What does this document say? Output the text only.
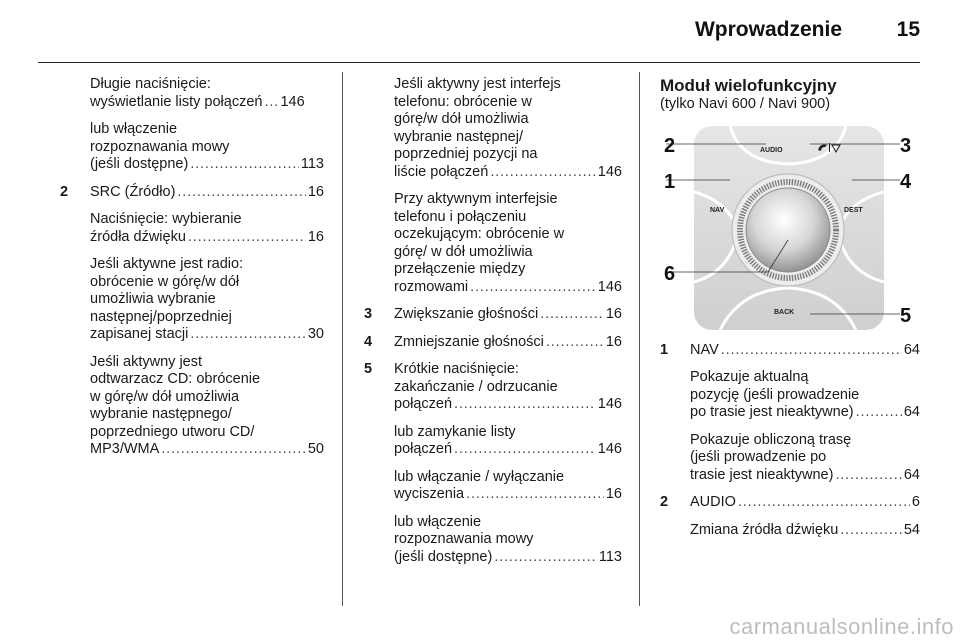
Wprowadzenie	15
Długie naciśnięcie:
wyświetlanie listy połączeń . . . 146
lub włączenie
rozpoznawania mowy
(jeśli dostępne) . . .	113
2 SRC (Źródło) . . .	16
Naciśnięcie: wybieranie
źródła dźwięku . . .	16
Jeśli aktywne jest radio:
obrócenie w górę/w dół
umożliwia wybranie
następnej/poprzedniej
zapisanej stacji . . .	30
Jeśli aktywny jest
odtwarzacz CD: obrócenie
w górę/w dół umożliwia
wybranie następnego/
poprzedniego utworu CD/
MP3/WMA . . .	50
Jeśli aktywny jest interfejs
telefonu: obrócenie w
górę/w dół umożliwia
wybranie następnej/
poprzedniej pozycji na
liście połączeń . . .	146
Przy aktywnym interfejsie
telefonu i połączeniu
oczekującym: obrócenie w
górę/ w dół umożliwia
przełączenie między
rozmowami . . .	146
3 Zwiększanie głośności . . .	16
4 Zmniejszanie głośności . . .	16
5 Krótkie naciśnięcie:
zakańczanie / odrzucanie
połączeń . . .	146
lub zamykanie listy
połączeń . . .	146
lub włączanie / wyłączanie
wyciszenia . . .	16
lub włączenie
rozpoznawania mowy
(jeśli dostępne) . . .	113
Moduł wielofunkcyjny
(tylko Navi 600 / Navi 900)
AUDIO
NAV	DEST
BACK
2
1
3
4
6
5
1 NAV . . .	64
Pokazuje aktualną
pozycję (jeśli prowadzenie
po trasie jest nieaktywne) . . .	64
Pokazuje obliczoną trasę
(jeśli prowadzenie po
trasie jest nieaktywne) . . .	64
2 AUDIO . . .	6
Zmiana źródła dźwięku . . .	54
carmanualsonline.info
